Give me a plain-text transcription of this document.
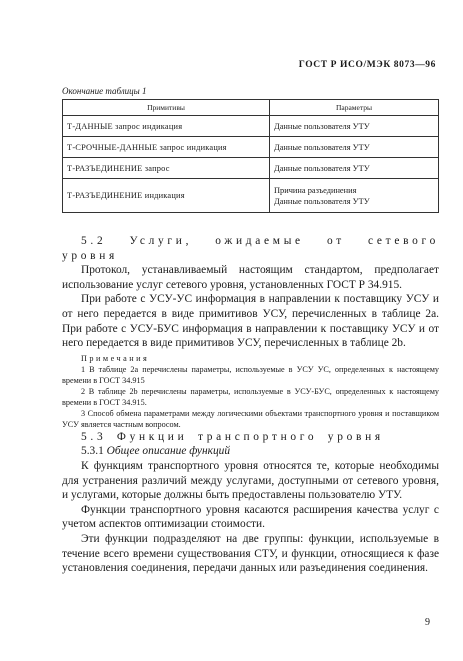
ГОСТ Р ИСО/МЭК 8073—96
Окончание таблицы 1
Примитивы	Параметры
Т-ДАННЫЕ запрос индикация	Данные пользователя УТУ
Т-СРОЧНЫЕ-ДАННЫЕ запрос индикация	Данные пользователя УТУ
Т-РАЗЪЕДИНЕНИЕ запрос	Данные пользователя УТУ
Т-РАЗЪЕДИНЕНИЕ индикация	Причина разъединения
Данные пользователя УТУ

5.2 Услуги, ожидаемые от сетевого уровня

Протокол, устанавливаемый настоящим стандартом, предполагает использование услуг сетевого уровня, установленных ГОСТ Р 34.915.

При работе с УСУ-УС информация в направлении к поставщику УСУ и от него передается в виде примитивов УСУ, перечисленных в таблице 2а. При работе с УСУ-БУС информация в направлении к поставщику УСУ и от него передается в виде примитивов УСУ, перечисленных в таблице 2b.

Примечания

1 В таблице 2а перечислены параметры, используемые в УСУ УС, определенных к настоящему времени в ГОСТ 34.915

2 В таблице 2b перечислены параметры, используемые в УСУ-БУС, определенных к настоящему времени в ГОСТ 34.915.

3 Способ обмена параметрами между логическими объектами транспортного уровня и поставщиком УСУ является частным вопросом.

5.3 Функции транспортного уровня

5.3.1 Общее описание функций

К функциям транспортного уровня относятся те, которые необходимы для устранения различий между услугами, доступными от сетевого уровня, и услугами, которые должны быть предоставлены пользователю УТУ.

Функции транспортного уровня касаются расширения качества услуг с учетом аспектов оптимизации стоимости.

Эти функции подразделяют на две группы: функции, используемые в течение всего времени существования СТУ, и функции, относящиеся к фазе установления соединения, передачи данных или разъединения соединения.

9
